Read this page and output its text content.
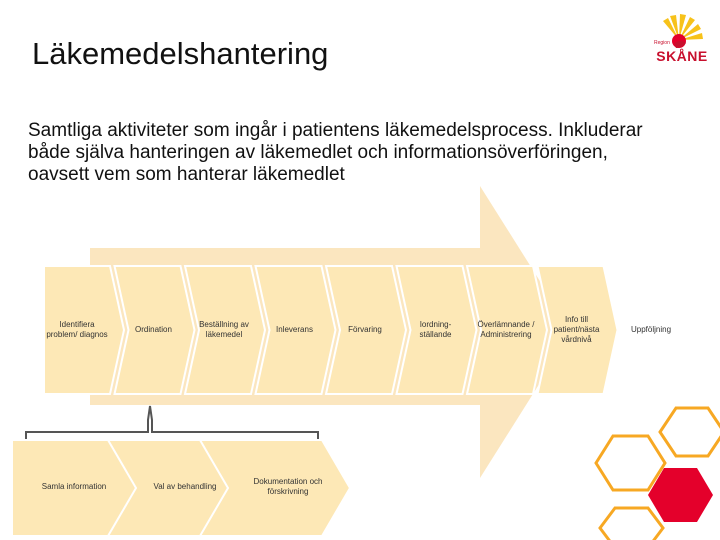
Läkemedelshantering
Samtliga aktiviteter som ingår i patientens läkemedelsprocess. Inkluderar både själva hanteringen av läkemedlet och informationsöverföringen, oavsett vem som hanterar läkemedlet
Region
SKÅNE
Identifiera problem/ diagnos
Ordination
Beställning av läkemedel
Inleverans	Förvaring
Iordning-ställande
Överlämnande / Administrering
Info till patient/nästa vårdnivå
Uppföljning
Samla information	Val av behandling
Dokumentation och förskrivning
